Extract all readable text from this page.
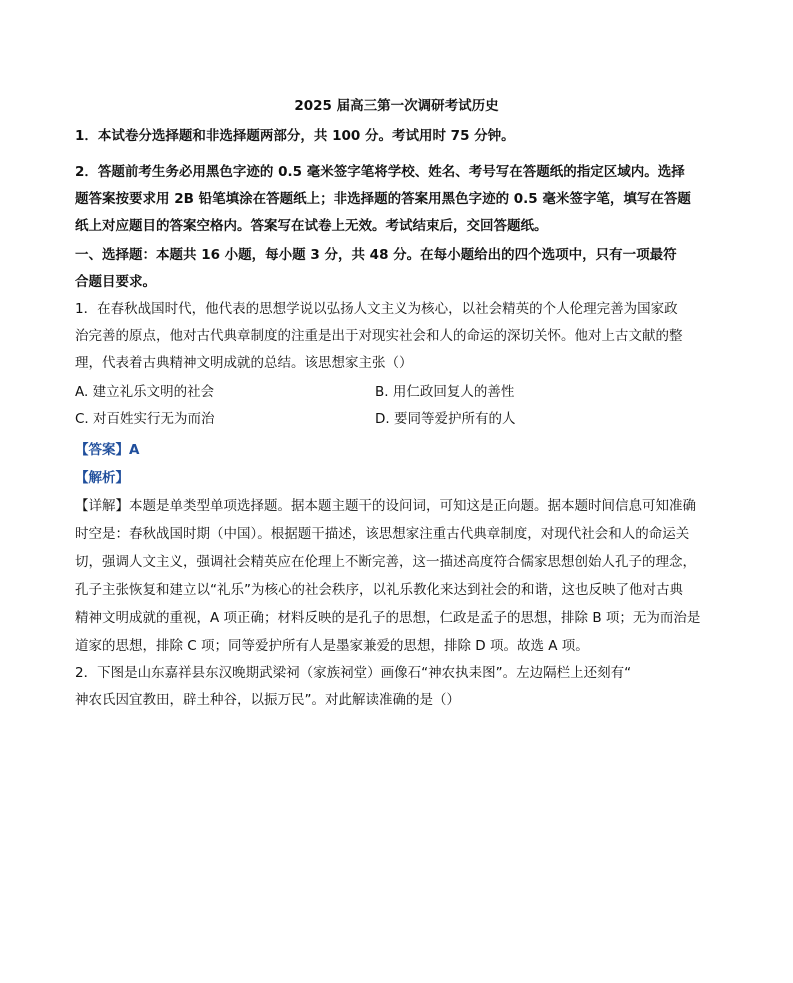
2025 届高三第一次调研考试历史
1．本试卷分选择题和非选择题两部分，共 100 分。考试用时 75 分钟。
2．答题前考生务必用黑色字迹的 0.5 毫米签字笔将学校、姓名、考号写在答题纸的指定区域内。选择
题答案按要求用 2B 铅笔填涂在答题纸上；非选择题的答案用黑色字迹的 0.5 毫米签字笔，填写在答题
纸上对应题目的答案空格内。答案写在试卷上无效。考试结束后，交回答题纸。
一、选择题：本题共 16 小题，每小题 3 分，共 48 分。在每小题给出的四个选项中，只有一项最符
合题目要求。
1．在春秋战国时代，他代表的思想学说以弘扬人文主义为核心，以社会精英的个人伦理完善为国家政
治完善的原点，他对古代典章制度的注重是出于对现实社会和人的命运的深切关怀。他对上古文献的整
理，代表着古典精神文明成就的总结。该思想家主张（）
A. 建立礼乐文明的社会	B. 用仁政回复人的善性
C. 对百姓实行无为而治	D. 要同等爱护所有的人
【答案】A
【解析】
【详解】本题是单类型单项选择题。据本题主题干的设问词，可知这是正向题。据本题时间信息可知准确
时空是：春秋战国时期（中国）。根据题干描述，该思想家注重古代典章制度，对现代社会和人的命运关
切，强调人文主义，强调社会精英应在伦理上不断完善，这一描述高度符合儒家思想创始人孔子的理念，
孔子主张恢复和建立以“礼乐”为核心的社会秩序，以礼乐教化来达到社会的和谐，这也反映了他对古典
精神文明成就的重视，A 项正确；材料反映的是孔子的思想，仁政是孟子的思想，排除 B 项；无为而治是
道家的思想，排除 C 项；同等爱护所有人是墨家兼爱的思想，排除 D 项。故选 A 项。
2．下图是山东嘉祥县东汉晚期武梁祠（家族祠堂）画像石“神农执耒图”。左边隔栏上还刻有“
神农氏因宜教田，辟土种谷，以振万民”。对此解读准确的是（）
